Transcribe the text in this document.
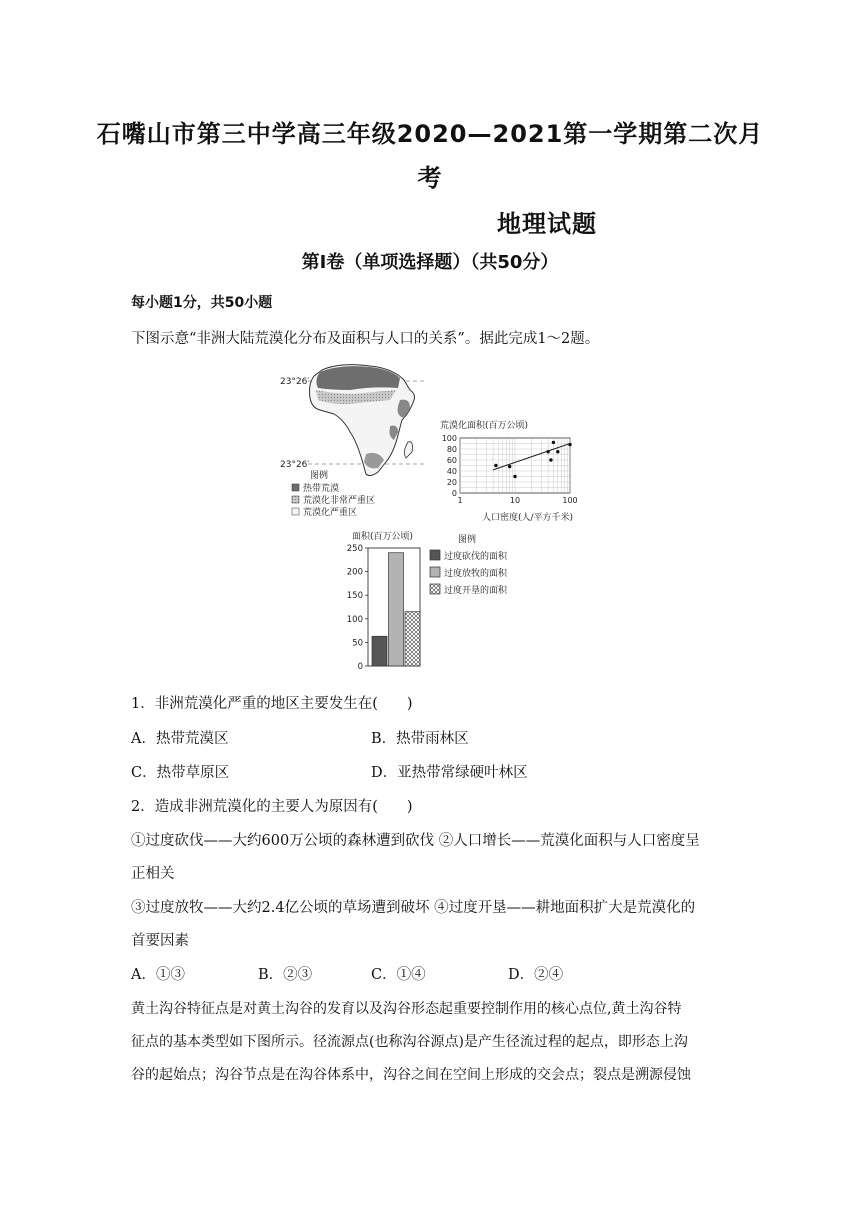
石嘴山市第三中学高三年级2020—2021第一学期第二次月
考
地理试题
第Ⅰ卷（单项选择题）（共50分）
每小题1分，共50小题
下图示意“非洲大陆荒漠化分布及面积与人口的关系”。据此完成1～2题。
23°26′
23°26′
图例
热带荒漠
荒漠化非常严重区
荒漠化严重区
荒漠化面积(百万公顷)
100
80
60
40
20
0
1	10	100
人口密度(人/平方千米)
面积(百万公顷)
250
200
150
100
50
0
图例
过度砍伐的面积
过度放牧的面积
过度开垦的面积
1．非洲荒漠化严重的地区主要发生在(　　)
A．热带荒漠区	B．热带雨林区
C．热带草原区	D．亚热带常绿硬叶林区
2．造成非洲荒漠化的主要人为原因有(　　)
①过度砍伐——大约600万公顷的森林遭到砍伐 ②人口增长——荒漠化面积与人口密度呈
正相关
③过度放牧——大约2.4亿公顷的草场遭到破坏 ④过度开垦——耕地面积扩大是荒漠化的
首要因素
A．①③	B．②③	C．①④	D．②④
黄土沟谷特征点是对黄土沟谷的发育以及沟谷形态起重要控制作用的核心点位,黄土沟谷特
征点的基本类型如下图所示。径流源点(也称沟谷源点)是产生径流过程的起点，即形态上沟
谷的起始点；沟谷节点是在沟谷体系中，沟谷之间在空间上形成的交会点；裂点是溯源侵蚀
